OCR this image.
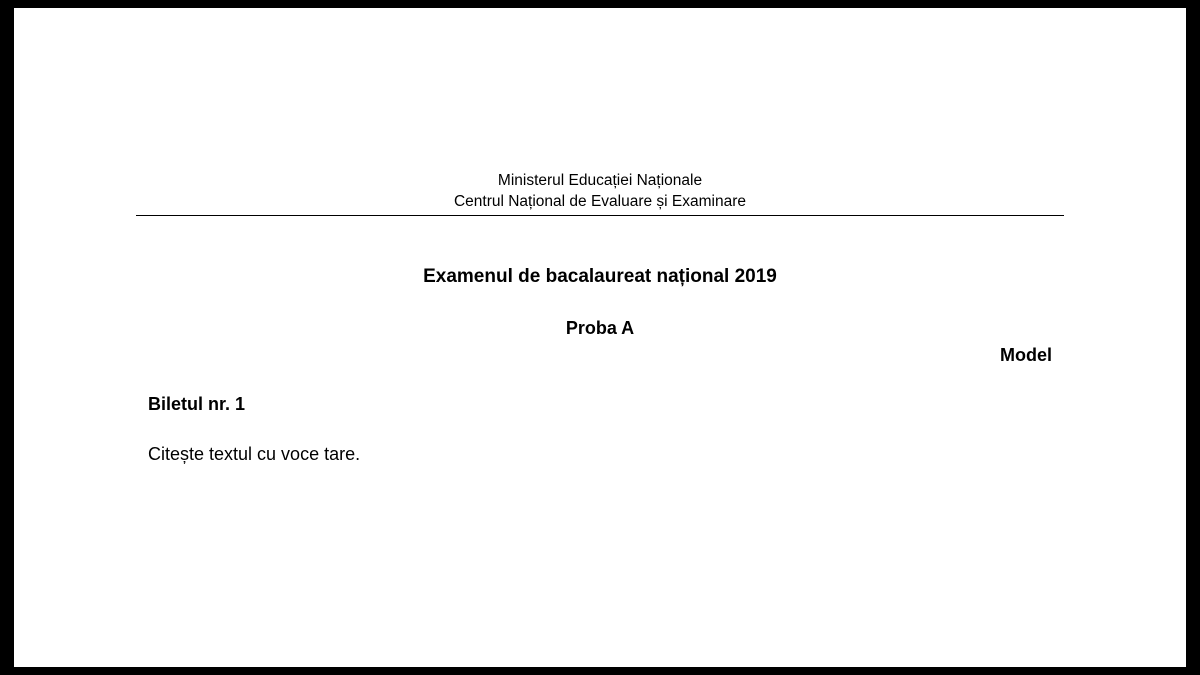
Ministerul Educației Naționale
Centrul Național de Evaluare și Examinare
Examenul de bacalaureat național 2019
Proba A
Model
Biletul nr. 1
Citește textul cu voce tare.
